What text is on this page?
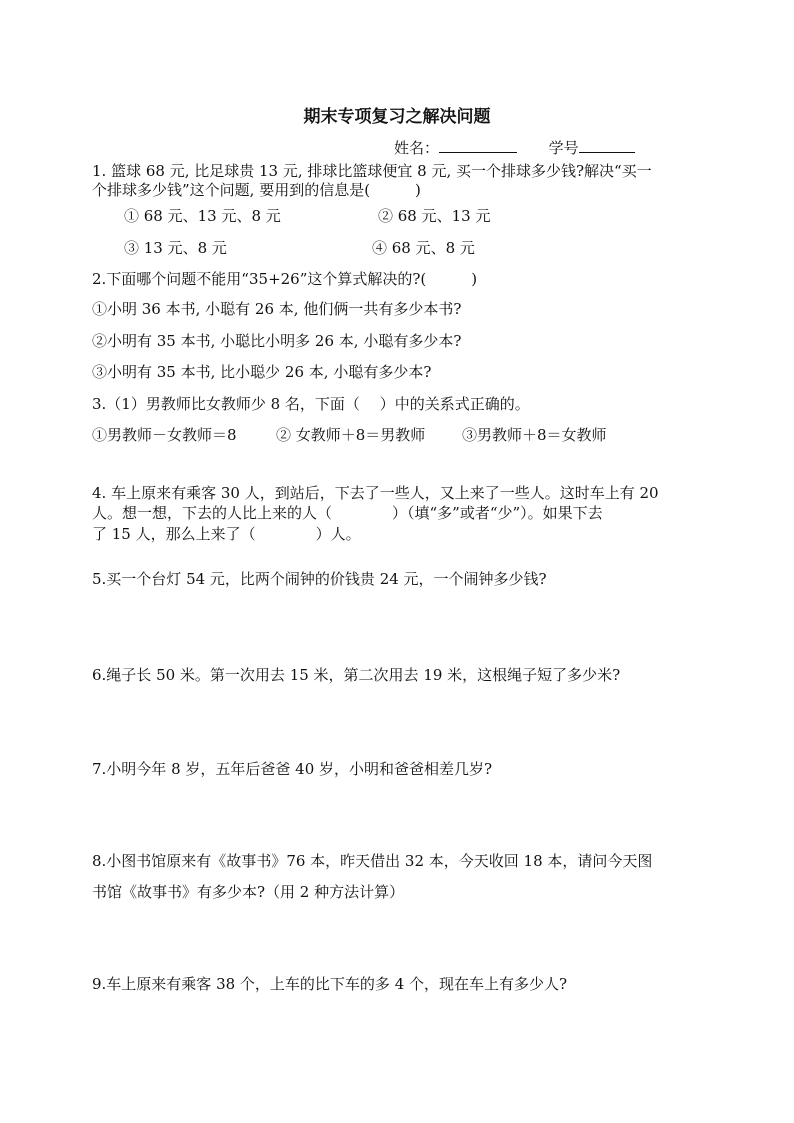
期末专项复习之解决问题
姓名：	学号
1. 篮球 68 元, 比足球贵 13 元, 排球比篮球便宜 8 元, 买一个排球多少钱?解决“买一
个排球多少钱”这个问题, 要用到的信息是(　　　)
① 68 元、13 元、8 元	② 68 元、13 元
③ 13 元、8 元	④ 68 元、8 元
2.下面哪个问题不能用“35+26”这个算式解决的?(　　　)
①小明 36 本书, 小聪有 26 本, 他们俩一共有多少本书?
②小明有 35 本书, 小聪比小明多 26 本, 小聪有多少本?
③小明有 35 本书, 比小聪少 26 本, 小聪有多少本?
3.（1）男教师比女教师少 8 名，下面（　 ）中的关系式正确的。
①男教师－女教师＝8	② 女教师＋8＝男教师 ③男教师＋8＝女教师
4. 车上原来有乘客 30 人，到站后，下去了一些人，又上来了一些人。这时车上有 20
人。想一想，下去的人比上来的人（　　　　）（填“多”或者“少”）。如果下去
了 15 人，那么上来了（　　　　）人。
5.买一个台灯 54 元，比两个闹钟的价钱贵 24 元，一个闹钟多少钱?
6.绳子长 50 米。第一次用去 15 米，第二次用去 19 米，这根绳子短了多少米?
7.小明今年 8 岁，五年后爸爸 40 岁，小明和爸爸相差几岁?
8.小图书馆原来有《故事书》76 本，昨天借出 32 本，今天收回 18 本，请问今天图
书馆《故事书》有多少本?（用 2 种方法计算）
9.车上原来有乘客 38 个，上车的比下车的多 4 个，现在车上有多少人?
